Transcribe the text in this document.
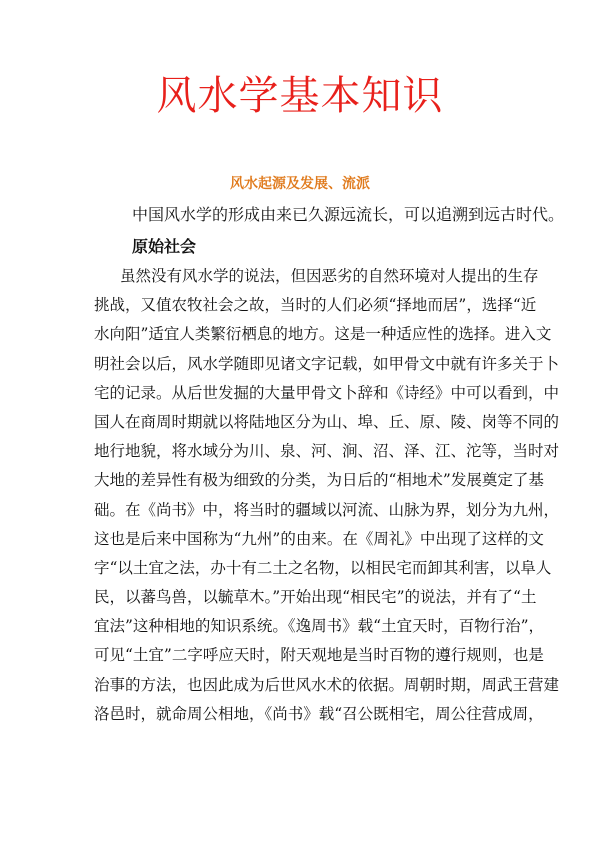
风水学基本知识
风水起源及发展、流派

中国风水学的形成由来已久源远流长，可以追溯到远古时代。

原始社会
虽然没有风水学的说法，但因恶劣的自然环境对人提出的生存
挑战，又值农牧社会之故，当时的人们必须“择地而居”，选择“近
水向阳”适宜人类繁衍栖息的地方。这是一种适应性的选择。进入文
明社会以后，风水学随即见诸文字记载，如甲骨文中就有许多关于卜
宅的记录。从后世发掘的大量甲骨文卜辞和《诗经》中可以看到，中
国人在商周时期就以将陆地区分为山、埠、丘、原、陵、岗等不同的
地行地貌，将水域分为川、泉、河、涧、沼、泽、江、沱等，当时对
大地的差异性有极为细致的分类，为日后的“相地术”发展奠定了基
础。在《尚书》中，将当时的疆域以河流、山脉为界，划分为九州，
这也是后来中国称为“九州”的由来。在《周礼》中出现了这样的文
字“以土宜之法，办十有二土之名物，以相民宅而卸其利害，以阜人
民，以蕃鸟兽，以毓草木。”开始出现“相民宅”的说法，并有了“土
宜法”这种相地的知识系统。《逸周书》载“土宜天时，百物行治”，
可见“土宜”二字呼应天时，附天观地是当时百物的遵行规则，也是
治事的方法，也因此成为后世风水术的依据。周朝时期，周武王营建
洛邑时，就命周公相地，《尚书》载“召公既相宅，周公往营成周，
